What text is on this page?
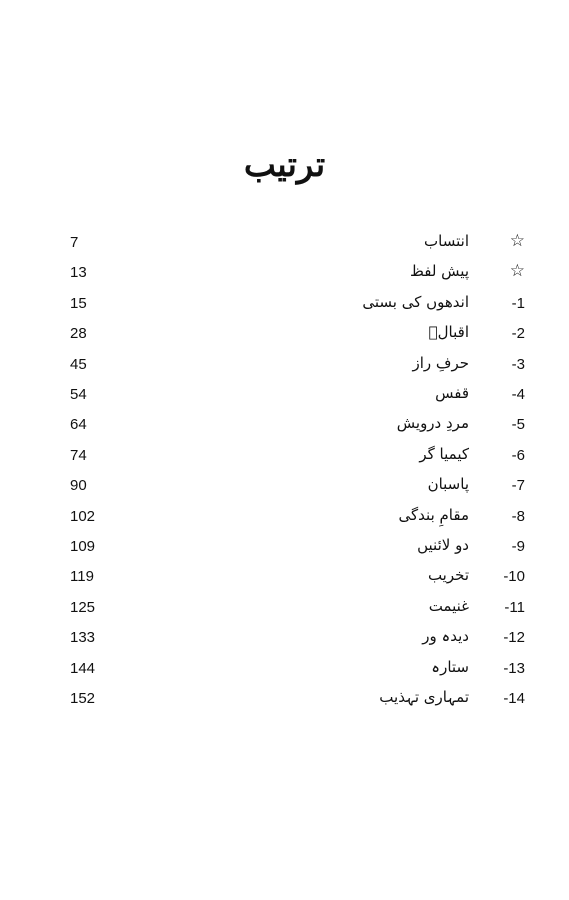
ترتیب
☆
انتساب
7
☆
پیش لفظ
13
-1
اندھوں کی بستی
15
-2
اقبالؒ
28
-3
حرفِ راز
45
-4
قفس
54
-5
مردِ درویش
64
-6
کیمیا گر
74
-7
پاسبان
90
-8
مقامِ بندگی
102
-9
دو لائنیں
109
-10
تخریب
119
-11
غنیمت
125
-12
دیدہ ور
133
-13
ستارہ
144
-14
تمہاری تہذیب
152
